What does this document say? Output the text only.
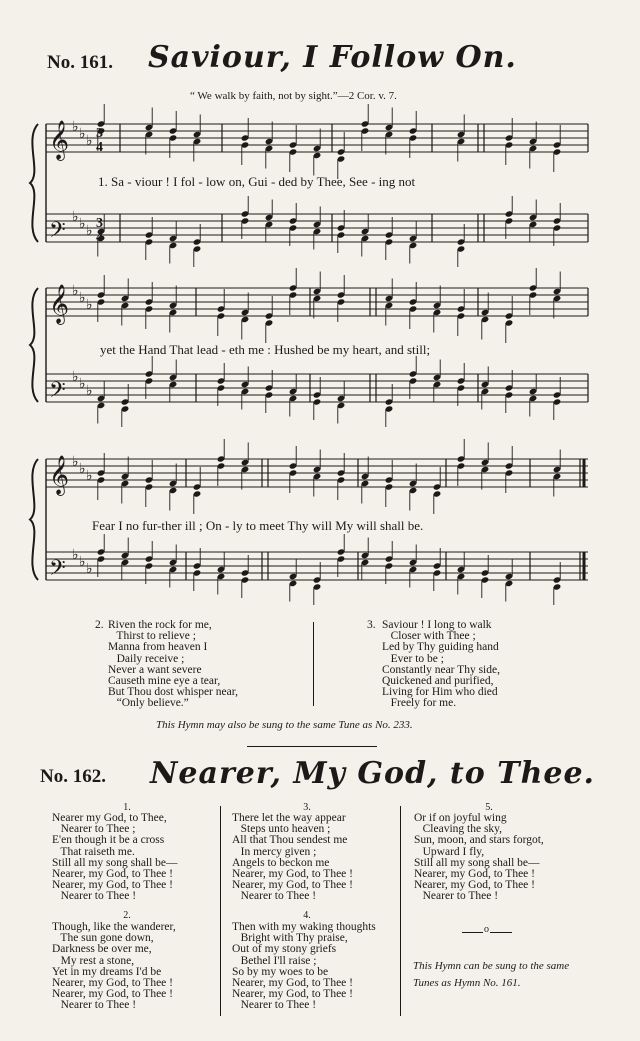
No. 161. Saviour, I Follow On.
“ We walk by faith, not by sight.”—2 Cor. v. 7.
𝄞 ♭ ♭ ♭
𝄢
♭ ♭ ♭
3
4
3
4
𝄞 ♭ ♭ ♭
𝄢
♭ ♭ ♭
𝄞 ♭ ♭ ♭
𝄢
♭ ♭ ♭
1. Sa - viour ! I fol - low on, Gui - ded by Thee, See - ing not
yet the Hand That lead - eth me : Hushed be my heart, and still;
Fear I no fur-ther ill ; On - ly to meet Thy will My will shall be.
2. Riven the rock for me,
Thirst to relieve ;
Manna from heaven I
Daily receive ;
Never a want severe
Causeth mine eye a tear,
But Thou dost whisper near,
“Only believe.”
3. Saviour ! I long to walk
Closer with Thee ;
Led by Thy guiding hand
Ever to be ;
Constantly near Thy side,
Quickened and purified,
Living for Him who died
Freely for me.
This Hymn may also be sung to the same Tune as No. 233.
No. 162. Nearer, My God, to Thee.
1.
Nearer my God, to Thee,
Nearer to Thee ;
E'en though it be a cross
That raiseth me.
Still all my song shall be—
Nearer, my God, to Thee !
Nearer, my God, to Thee !
Nearer to Thee !
2.
Though, like the wanderer,
The sun gone down,
Darkness be over me,
My rest a stone,
Yet in my dreams I'd be
Nearer, my God, to Thee !
Nearer, my God, to Thee !
Nearer to Thee !
3.
There let the way appear
Steps unto heaven ;
All that Thou sendest me
In mercy given ;
Angels to beckon me
Nearer, my God, to Thee !
Nearer, my God, to Thee !
Nearer to Thee !
4.
Then with my waking thoughts
Bright with Thy praise,
Out of my stony griefs
Bethel I'll raise ;
So by my woes to be
Nearer, my God, to Thee !
Nearer, my God, to Thee !
Nearer to Thee !
5.
Or if on joyful wing
Cleaving the sky,
Sun, moon, and stars forgot,
Upward I fly,
Still all my song shall be—
Nearer, my God, to Thee !
Nearer, my God, to Thee !
Nearer to Thee !
o
This Hymn can be sung to the same Tunes as Hymn No. 161.
